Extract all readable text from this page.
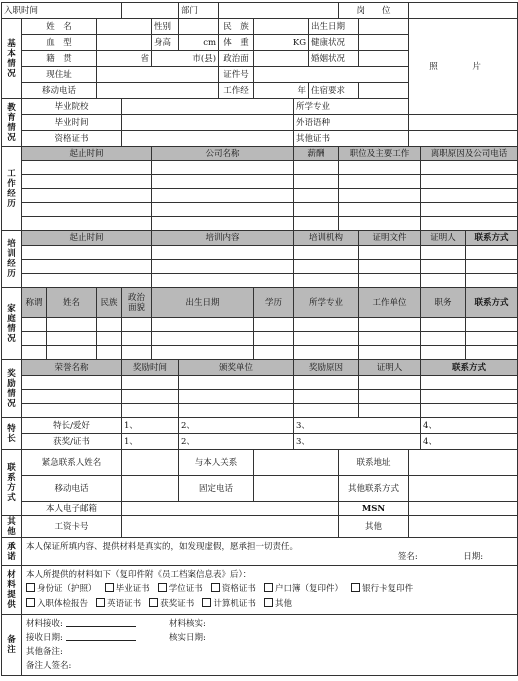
入职时间						部门					岗　　位					

基本情况	姓　名				性别		民　族			出生日期			照 片			
	血　型				身高	cm	体　重	KG		健康状况						
	籍　贯		省		市(县)		政治面			婚姻状况						
	现住址						证件号									
	移动电话						工作经	年		住宿要求						

教育情况	毕业院校								所学专业							
	毕业时间								外语语种							
	资格证书								其他证书							

工作经历	起止时间				公司名称				薪酬		职位及主要工作			离职原因及公司电话		

培训经历	起止时间				培训内容				培训机构			证明文件		证明人	联系方式	

家庭情况	称谓	姓名	民族	政治面貌	出生日期			学历	所学专业			工作单位		职务	联系方式	

奖励情况	荣誉名称			奖励时间		颁奖单位			奖励原因			证明人		联系方式		

特长	特长/爱好			1、		2、			3、					4、		
	获奖/证书			1、		2、			3、					4、		

联系方式	紧急联系人姓名					与本人关系					联系地址					
	移动电话					固定电话					其他联系方式					
	本人电子邮箱										MSN					

其他	工资卡号										其他					

承诺	本人保证所填内容、提供材料是真实的，如发现虚假，愿承担一切责任。
签名: 日期:															

材料提供	本人所提供的材料如下（复印件附《员工档案信息表》后）：
身份证（护照） 毕业证书 学位证书 资格证书 户口簿（复印件） 银行卡复印件
入职体检报告 英语证书 获奖证书 计算机证书 其他															

备注	材料接收: 材料核实:
接收日期: 核实日期:
其他备注:
备注人签名:															
